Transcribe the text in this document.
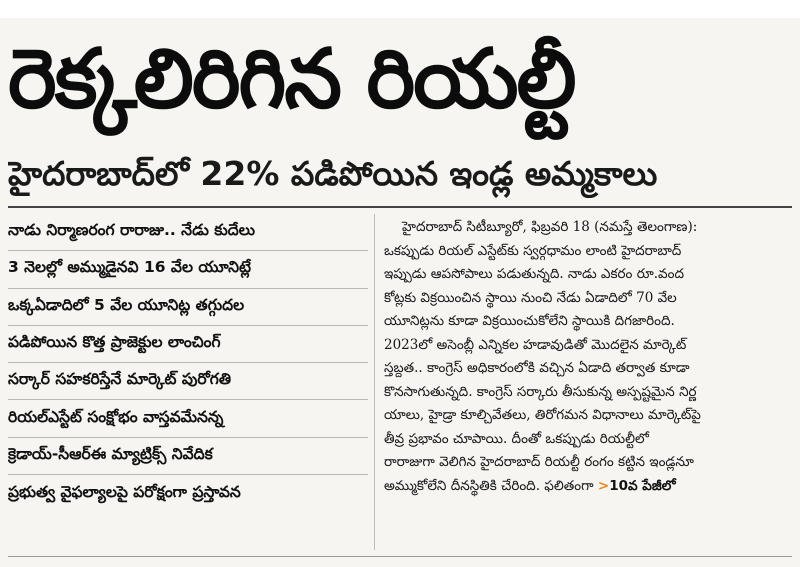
రెక్కలిరిగిన రియల్టీ
హైదరాబాద్‌లో 22% పడిపోయిన ఇండ్ల అమ్మకాలు
నాడు నిర్మాణరంగ రారాజు.. నేడు కుదేలు
3 నెలల్లో అమ్ముడైనవి 16 వేల యూనిట్లే
ఒక్కఏడాదిలో 5 వేల యూనిట్ల తగ్గుదల
పడిపోయిన కొత్త ప్రాజెక్టుల లాంచింగ్
సర్కార్ సహకరిస్తేనే మార్కెట్ పురోగతి
రియల్ఎస్టేట్ సంక్షోభం వాస్తవమేనన్న
క్రెడాయ్-సీఆర్ఈ మ్యాట్రిక్స్ నివేదిక
ప్రభుత్వ వైఫల్యాలపై పరోక్షంగా ప్రస్తావన
హైదరాబాద్ సిటీబ్యూరో, ఫిబ్రవరి 18 (నమస్తే తెలంగాణ):
ఒకప్పుడు రియల్ ఎస్టేట్‌కు స్వర్గధామం లాంటి హైదరాబాద్
ఇప్పుడు ఆపసోపాలు పడుతున్నది. నాడు ఎకరం రూ.వంద
కోట్లకు విక్రయించిన స్థాయి నుంచి నేడు ఏడాదిలో 70 వేల
యూనిట్లను కూడా విక్రయించుకోలేని స్థాయికి దిగజారింది.
2023లో అసెంబ్లీ ఎన్నికల హడావుడితో మొదలైన మార్కెట్
స్తబ్దత.. కాంగ్రెస్ అధికారంలోకి వచ్చిన ఏడాది తర్వాత కూడా
కొనసాగుతున్నది. కాంగ్రెస్ సర్కారు తీసుకున్న అస్పష్టమైన నిర్ణ
యాలు, హైడ్రా కూల్చివేతలు, తిరోగమన విధానాలు మార్కెట్‌పై
తీవ్ర ప్రభావం చూపాయి. దీంతో ఒకప్పుడు రియల్టీలో
రారాజుగా వెలిగిన హైదరాబాద్ రియల్టీ రంగం కట్టిన ఇండ్లనూ
అమ్ముకోలేని దీనస్థితికి చేరింది. ఫలితంగా >10వ పేజీలో
